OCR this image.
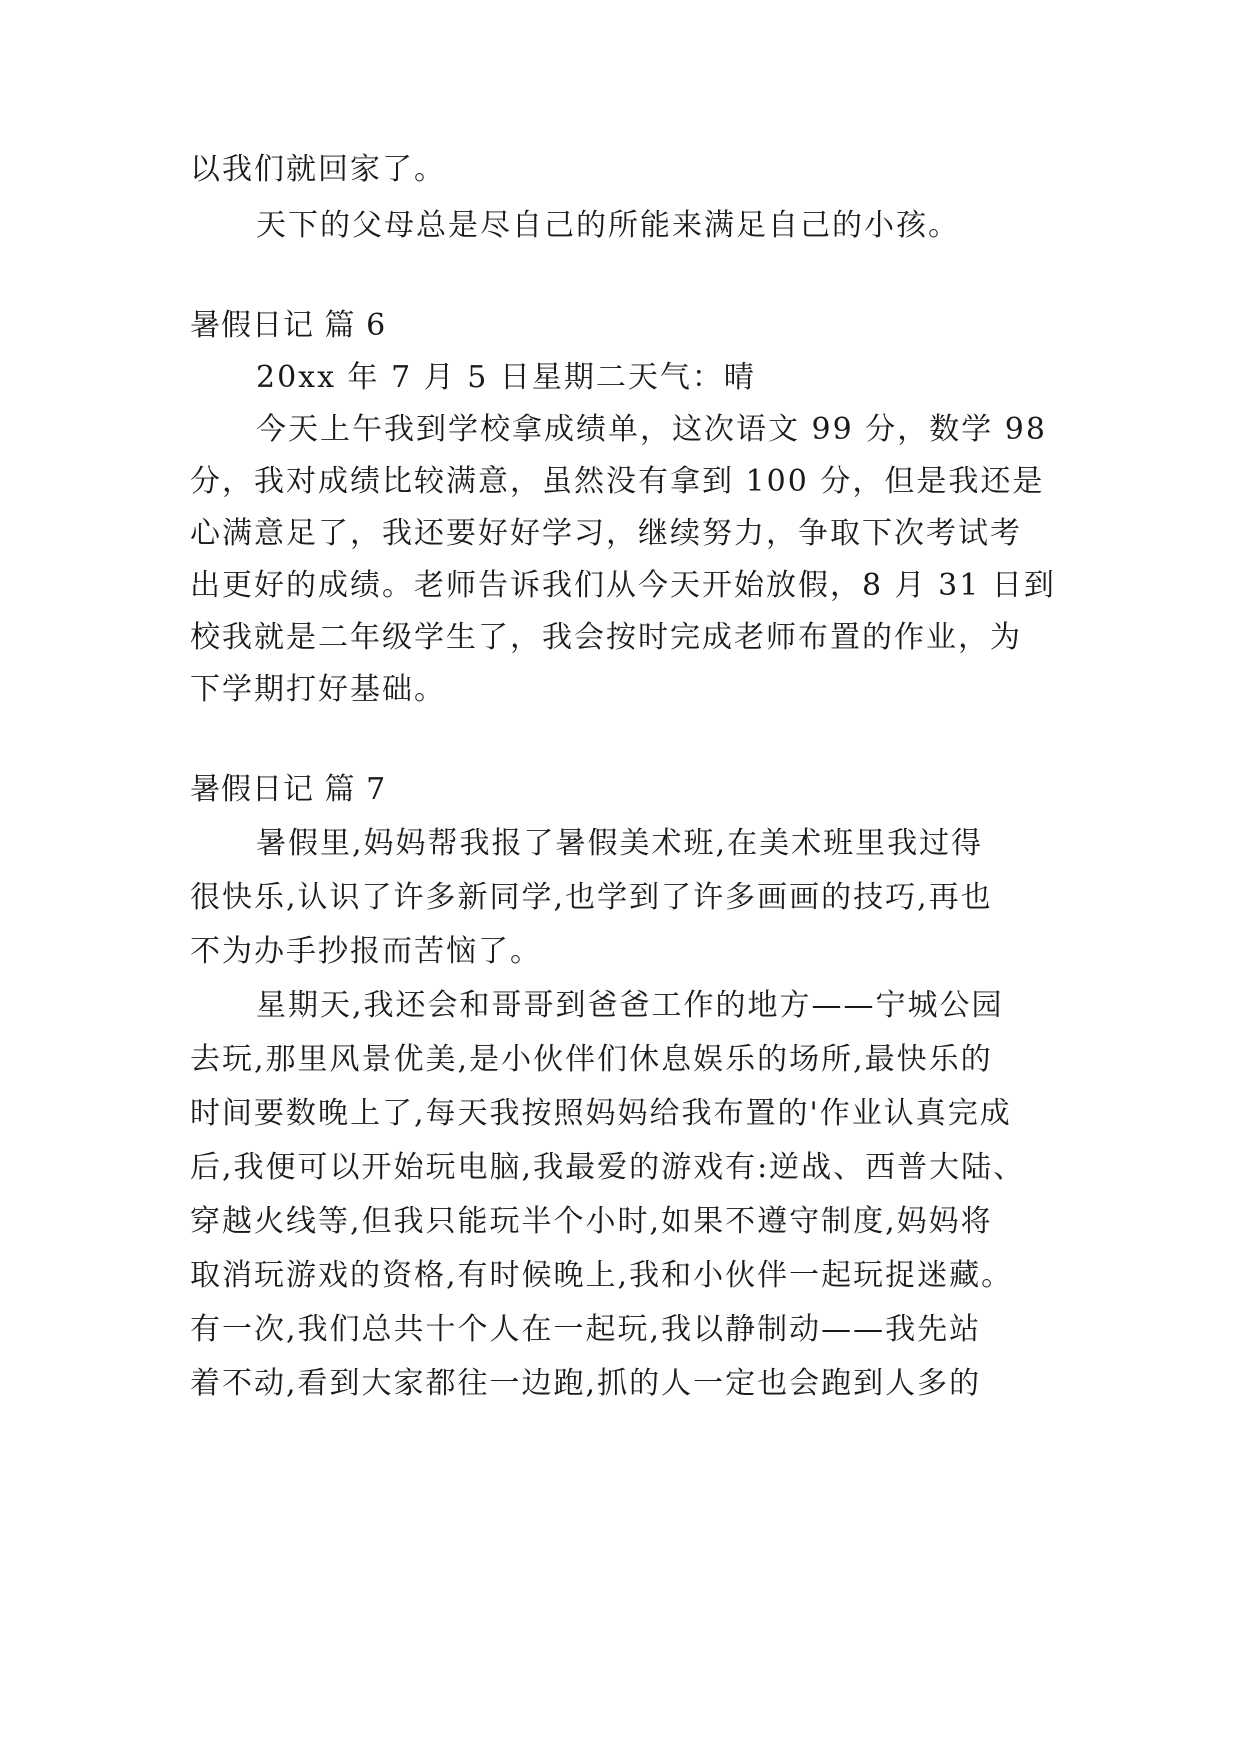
以我们就回家了。
天下的父母总是尽自己的所能来满足自己的小孩。
暑假日记 篇 6
20xx 年 7 月 5 日星期二天气：晴
今天上午我到学校拿成绩单，这次语文 99 分，数学 98
分，我对成绩比较满意，虽然没有拿到 100 分，但是我还是
心满意足了，我还要好好学习，继续努力，争取下次考试考
出更好的成绩。老师告诉我们从今天开始放假，8 月 31 日到
校我就是二年级学生了，我会按时完成老师布置的作业，为
下学期打好基础。
暑假日记 篇 7
暑假里,妈妈帮我报了暑假美术班,在美术班里我过得
很快乐,认识了许多新同学,也学到了许多画画的技巧,再也
不为办手抄报而苦恼了。
星期天,我还会和哥哥到爸爸工作的地方——宁城公园
去玩,那里风景优美,是小伙伴们休息娱乐的场所,最快乐的
时间要数晚上了,每天我按照妈妈给我布置的'作业认真完成
后,我便可以开始玩电脑,我最爱的游戏有:逆战、西普大陆、
穿越火线等,但我只能玩半个小时,如果不遵守制度,妈妈将
取消玩游戏的资格,有时候晚上,我和小伙伴一起玩捉迷藏。
有一次,我们总共十个人在一起玩,我以静制动——我先站
着不动,看到大家都往一边跑,抓的人一定也会跑到人多的
